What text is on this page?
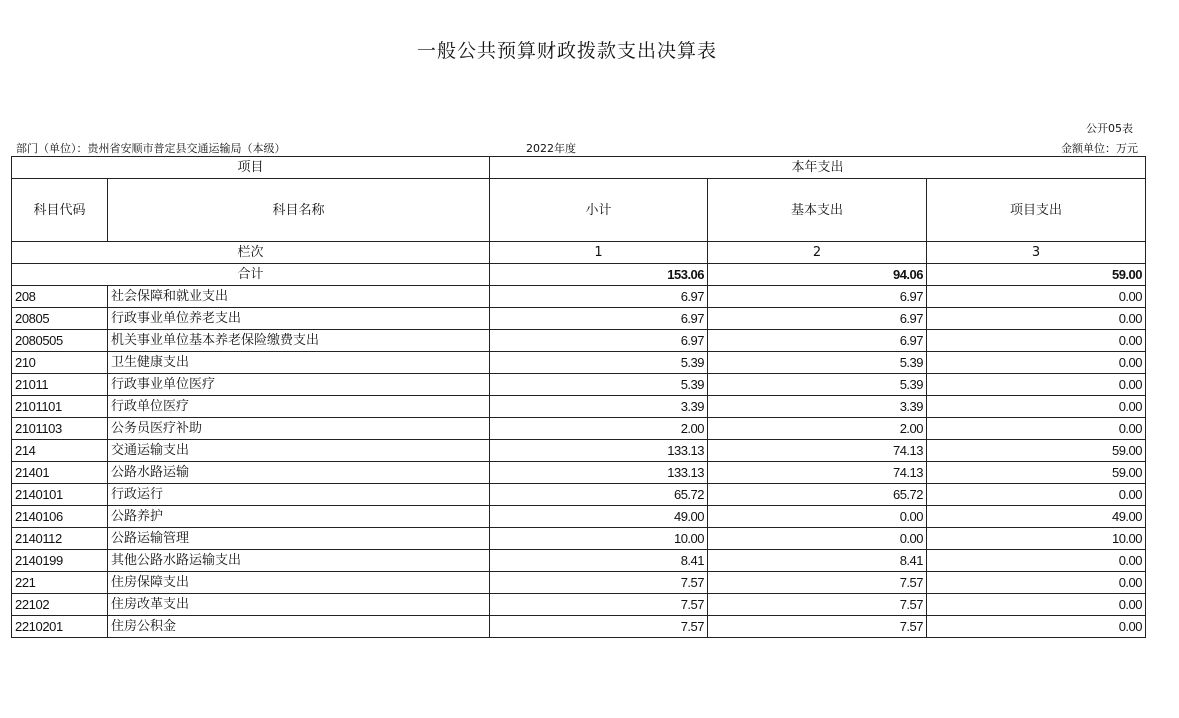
一般公共预算财政拨款支出决算表
公开05表
部门（单位）：贵州省安顺市普定县交通运输局（本级）	2022年度	金额单位：万元
项目		本年支出		
科目代码	科目名称	小计	基本支出	项目支出
栏次		1	2	3
合计		153.06	94.06	59.00
208	社会保障和就业支出	6.97	6.97	0.00
20805	行政事业单位养老支出	6.97	6.97	0.00
2080505	机关事业单位基本养老保险缴费支出	6.97	6.97	0.00
210	卫生健康支出	5.39	5.39	0.00
21011	行政事业单位医疗	5.39	5.39	0.00
2101101	行政单位医疗	3.39	3.39	0.00
2101103	公务员医疗补助	2.00	2.00	0.00
214	交通运输支出	133.13	74.13	59.00
21401	公路水路运输	133.13	74.13	59.00
2140101	行政运行	65.72	65.72	0.00
2140106	公路养护	49.00	0.00	49.00
2140112	公路运输管理	10.00	0.00	10.00
2140199	其他公路水路运输支出	8.41	8.41	0.00
221	住房保障支出	7.57	7.57	0.00
22102	住房改革支出	7.57	7.57	0.00
2210201	住房公积金	7.57	7.57	0.00
